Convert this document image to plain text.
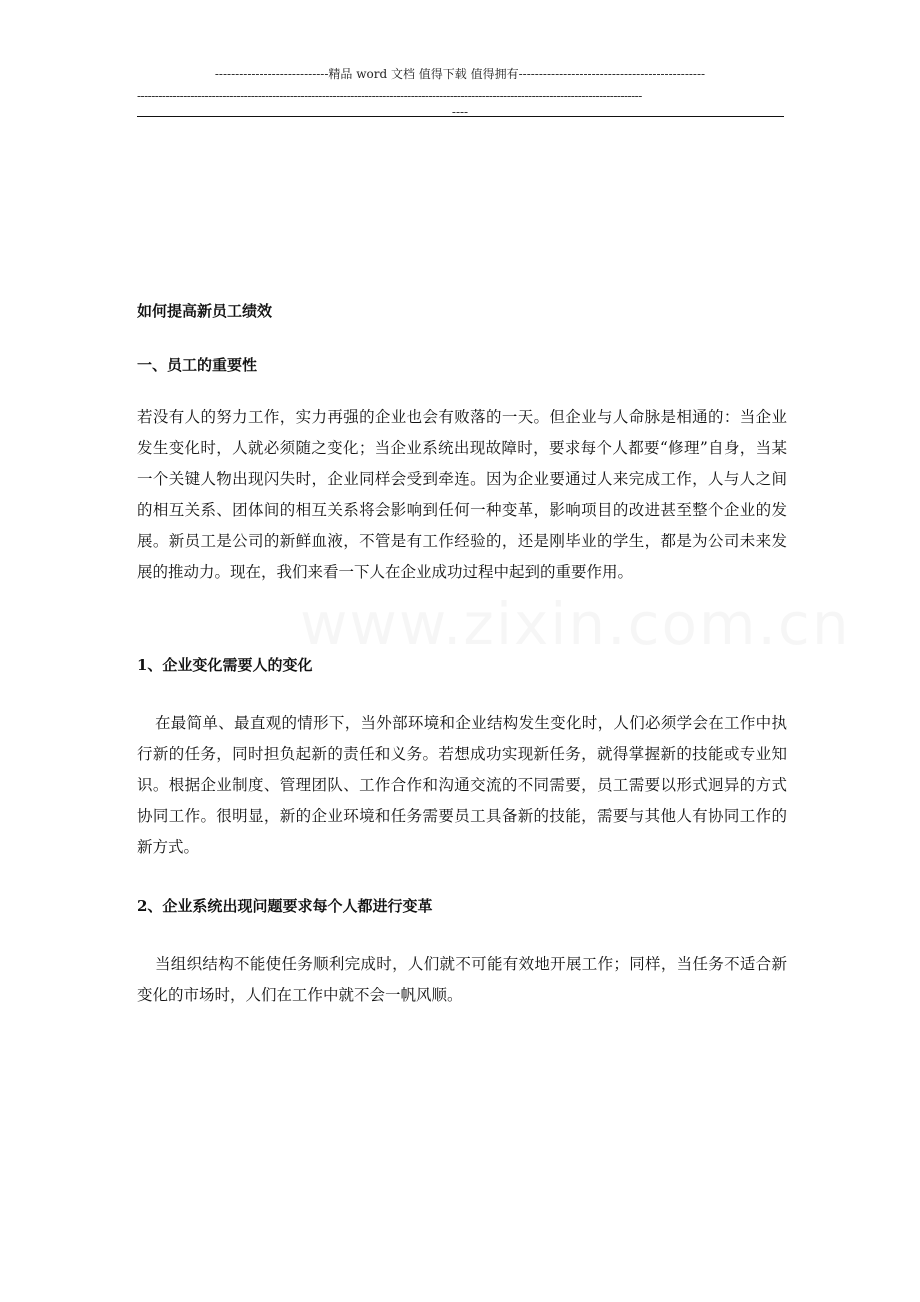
----------------------------精品 word 文档 值得下载 值得拥有----------------------------------------------
----------------------------------------------------------------------------------------------------------------------------------------------
----

如何提高新员工绩效

一、员工的重要性

若没有人的努力工作，实力再强的企业也会有败落的一天。但企业与人命脉是相通的：当企业发生变化时，人就必须随之变化；当企业系统出现故障时，要求每个人都要“修理”自身，当某一个关键人物出现闪失时，企业同样会受到牵连。因为企业要通过人来完成工作，人与人之间的相互关系、团体间的相互关系将会影响到任何一种变革，影响项目的改进甚至整个企业的发展。新员工是公司的新鲜血液，不管是有工作经验的，还是刚毕业的学生，都是为公司未来发展的推动力。现在，我们来看一下人在企业成功过程中起到的重要作用。

1、企业变化需要人的变化

在最简单、最直观的情形下，当外部环境和企业结构发生变化时，人们必须学会在工作中执行新的任务，同时担负起新的责任和义务。若想成功实现新任务，就得掌握新的技能或专业知识。根据企业制度、管理团队、工作合作和沟通交流的不同需要，员工需要以形式迥异的方式协同工作。很明显，新的企业环境和任务需要员工具备新的技能，需要与其他人有协同工作的新方式。

2、企业系统出现问题要求每个人都进行变革

当组织结构不能使任务顺利完成时，人们就不可能有效地开展工作；同样，当任务不适合新变化的市场时，人们在工作中就不会一帆风顺。
